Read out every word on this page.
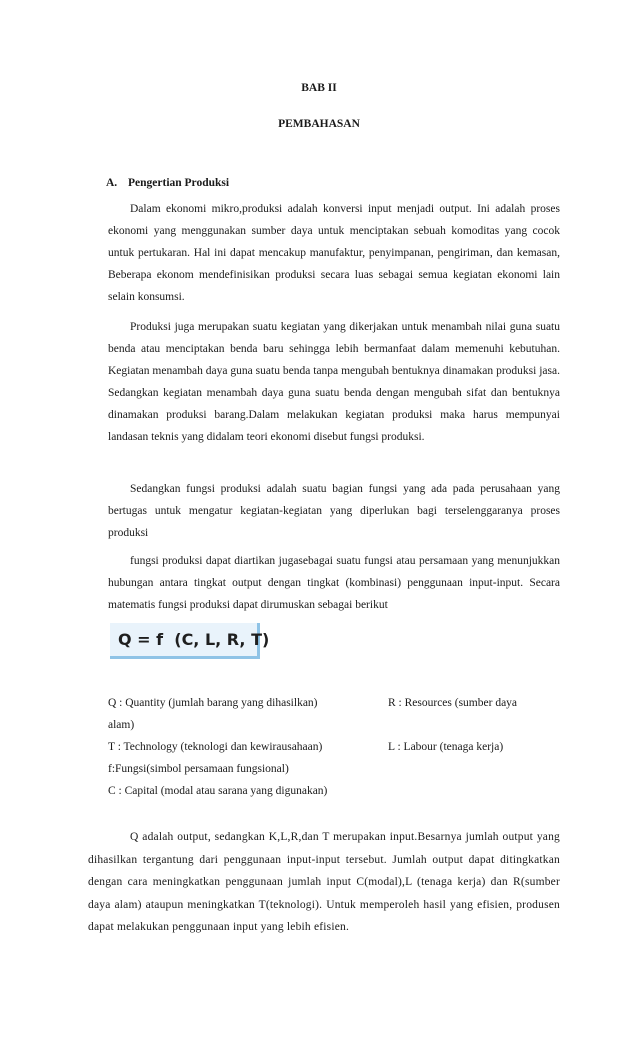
BAB II
PEMBAHASAN
A. Pengertian Produksi

Dalam ekonomi mikro,produksi adalah konversi input menjadi output. Ini adalah proses ekonomi yang menggunakan sumber daya untuk menciptakan sebuah komoditas yang cocok untuk pertukaran. Hal ini dapat mencakup manufaktur, penyimpanan, pengiriman, dan kemasan, Beberapa ekonom mendefinisikan produksi secara luas sebagai semua kegiatan ekonomi lain selain konsumsi.

Produksi juga merupakan suatu kegiatan yang dikerjakan untuk menambah nilai guna suatu benda atau menciptakan benda baru sehingga lebih bermanfaat dalam memenuhi kebutuhan. Kegiatan menambah daya guna suatu benda tanpa mengubah bentuknya dinamakan produksi jasa. Sedangkan kegiatan menambah daya guna suatu benda dengan mengubah sifat dan bentuknya dinamakan produksi barang.Dalam melakukan kegiatan produksi maka harus mempunyai landasan teknis yang didalam teori ekonomi disebut fungsi produksi.

Sedangkan fungsi produksi adalah suatu bagian fungsi yang ada pada perusahaan yang bertugas untuk mengatur kegiatan-kegiatan yang diperlukan bagi terselenggaranya proses produksi

fungsi produksi dapat diartikan jugasebagai suatu fungsi atau persamaan yang menunjukkan hubungan antara tingkat output dengan tingkat (kombinasi) penggunaan input-input. Secara matematis fungsi produksi dapat dirumuskan sebagai berikut

Q = f  (C, L, R, T)
Q : Quantity (jumlah barang yang dihasilkan)	R : Resources (sumber daya
alam)
T : Technology (teknologi dan kewirausahaan)	L : Labour (tenaga kerja)
f:Fungsi(simbol persamaan fungsional)
C : Capital (modal atau sarana yang digunakan)

Q adalah output, sedangkan K,L,R,dan T merupakan input.Besarnya jumlah output yang dihasilkan tergantung dari penggunaan input-input tersebut. Jumlah output dapat ditingkatkan dengan cara meningkatkan penggunaan jumlah input C(modal),L (tenaga kerja) dan R(sumber daya alam) ataupun meningkatkan T(teknologi). Untuk memperoleh hasil yang efisien, produsen dapat melakukan penggunaan input yang lebih efisien.
